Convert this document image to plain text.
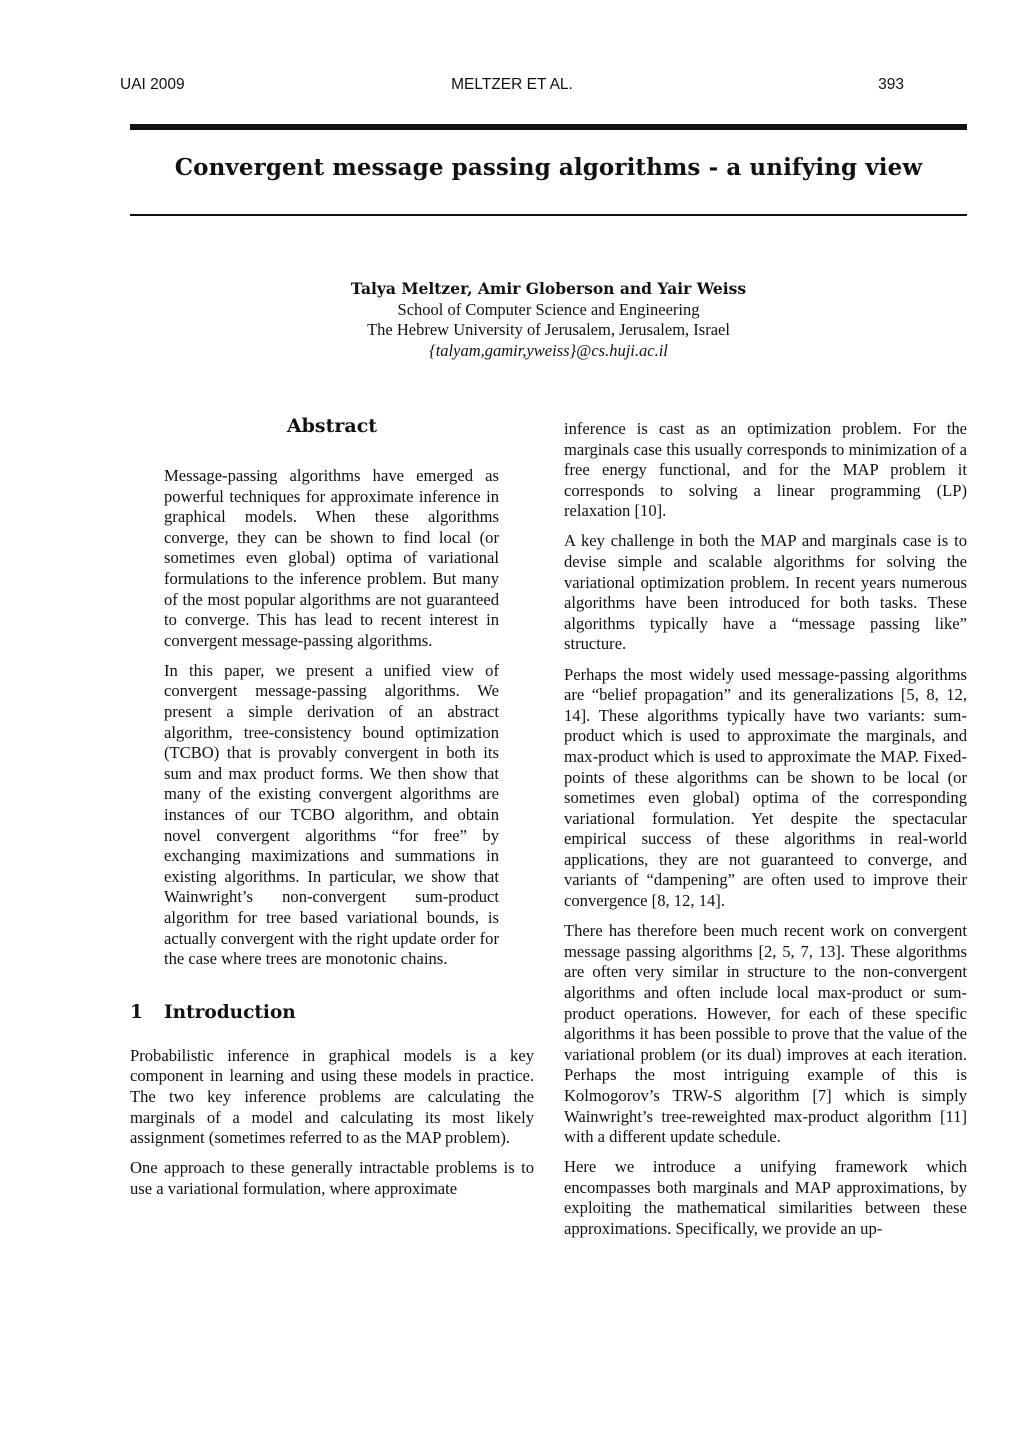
UAI 2009	MELTZER ET AL.	393
Convergent message passing algorithms - a unifying view
Talya Meltzer, Amir Globerson and Yair Weiss
School of Computer Science and Engineering
The Hebrew University of Jerusalem, Jerusalem, Israel
{talyam,gamir,yweiss}@cs.huji.ac.il
Abstract

Message-passing algorithms have emerged as powerful techniques for approximate inference in graphical models. When these algorithms converge, they can be shown to find local (or sometimes even global) optima of variational formulations to the inference problem. But many of the most popular algorithms are not guaranteed to converge. This has lead to recent interest in convergent message-passing algorithms.

In this paper, we present a unified view of convergent message-passing algorithms. We present a simple derivation of an abstract algorithm, tree-consistency bound optimization (TCBO) that is provably convergent in both its sum and max product forms. We then show that many of the existing convergent algorithms are instances of our TCBO algorithm, and obtain novel convergent algorithms “for free” by exchanging maximizations and summations in existing algorithms. In particular, we show that Wainwright’s non-convergent sum-product algorithm for tree based variational bounds, is actually convergent with the right update order for the case where trees are monotonic chains.

1 Introduction

Probabilistic inference in graphical models is a key component in learning and using these models in practice. The two key inference problems are calculating the marginals of a model and calculating its most likely assignment (sometimes referred to as the MAP problem).

One approach to these generally intractable problems is to use a variational formulation, where approximate

inference is cast as an optimization problem. For the marginals case this usually corresponds to minimization of a free energy functional, and for the MAP problem it corresponds to solving a linear programming (LP) relaxation [10].

A key challenge in both the MAP and marginals case is to devise simple and scalable algorithms for solving the variational optimization problem. In recent years numerous algorithms have been introduced for both tasks. These algorithms typically have a “message passing like” structure.

Perhaps the most widely used message-passing algorithms are “belief propagation” and its generalizations [5, 8, 12, 14]. These algorithms typically have two variants: sum-product which is used to approximate the marginals, and max-product which is used to approximate the MAP. Fixed-points of these algorithms can be shown to be local (or sometimes even global) optima of the corresponding variational formulation. Yet despite the spectacular empirical success of these algorithms in real-world applications, they are not guaranteed to converge, and variants of “dampening” are often used to improve their convergence [8, 12, 14].

There has therefore been much recent work on convergent message passing algorithms [2, 5, 7, 13]. These algorithms are often very similar in structure to the non-convergent algorithms and often include local max-product or sum-product operations. However, for each of these specific algorithms it has been possible to prove that the value of the variational problem (or its dual) improves at each iteration. Perhaps the most intriguing example of this is Kolmogorov’s TRW-S algorithm [7] which is simply Wainwright’s tree-reweighted max-product algorithm [11] with a different update schedule.

Here we introduce a unifying framework which encompasses both marginals and MAP approximations, by exploiting the mathematical similarities between these approximations. Specifically, we provide an up-
